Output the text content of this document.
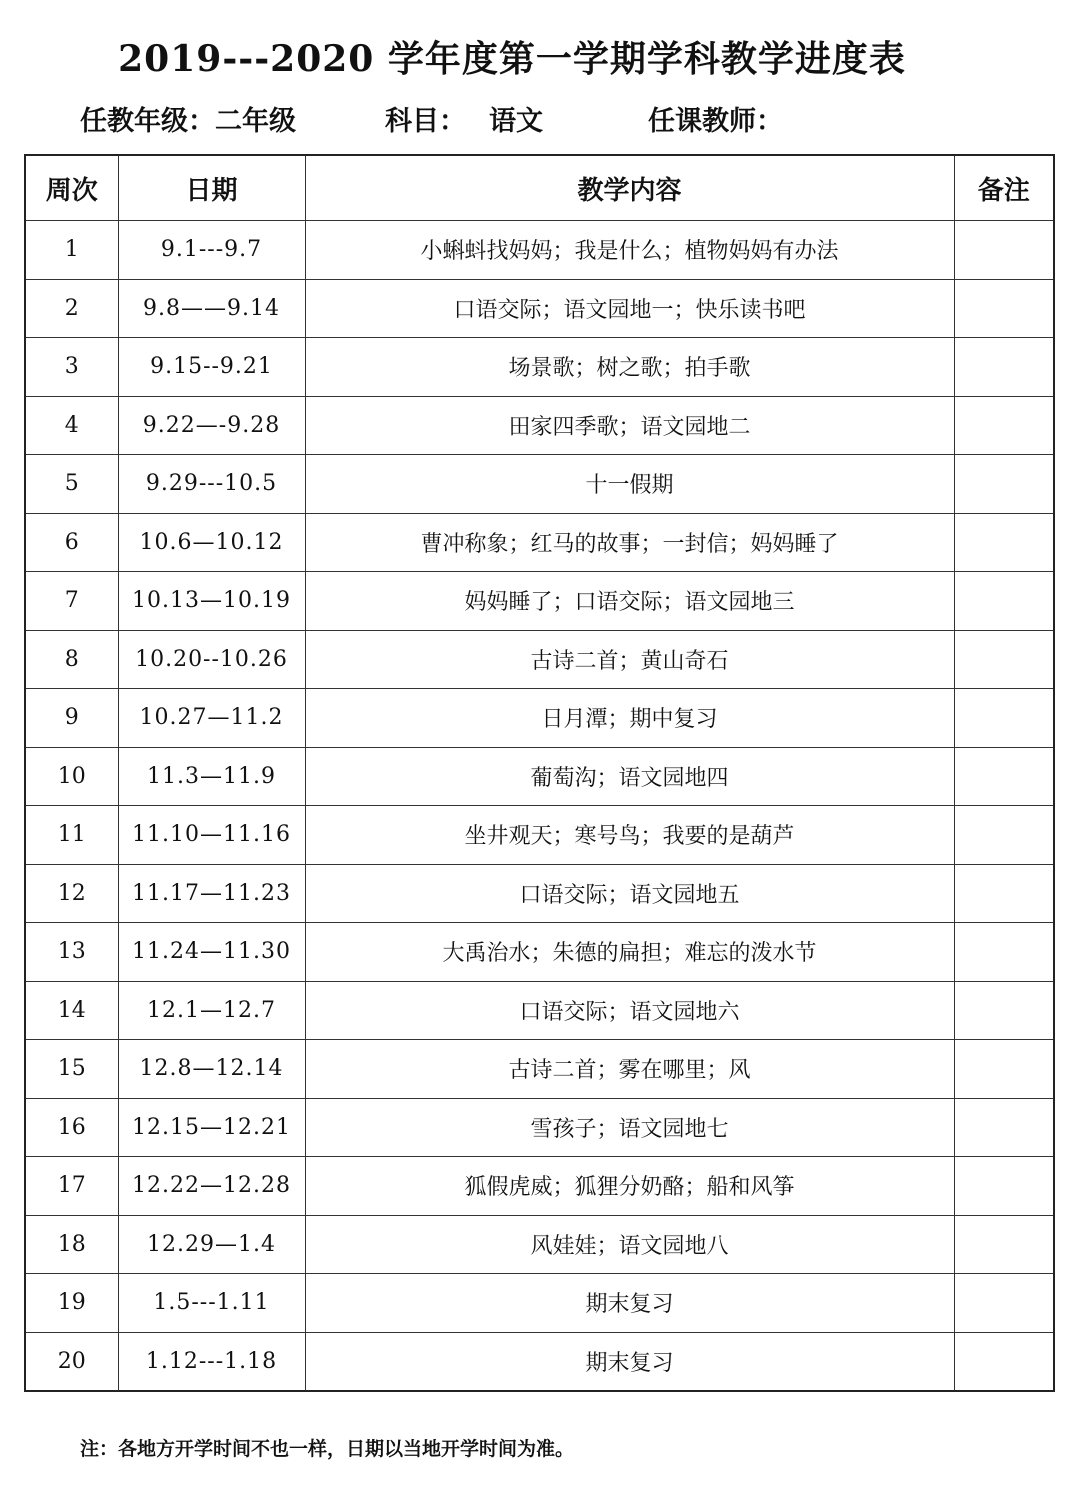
2019---2020 学年度第一学期学科教学进度表
任教年级：二年级	科目： 语文	任课教师：
周次	日期	教学内容	备注
1	9.1---9.7	小蝌蚪找妈妈；我是什么；植物妈妈有办法	
2	9.8——9.14	口语交际；语文园地一；快乐读书吧	
3	9.15--9.21	场景歌；树之歌；拍手歌	
4	9.22—-9.28	田家四季歌；语文园地二	
5	9.29---10.5	十一假期	
6	10.6—10.12	曹冲称象；红马的故事；一封信；妈妈睡了	
7	10.13—10.19	妈妈睡了；口语交际；语文园地三	
8	10.20--10.26	古诗二首；黄山奇石	
9	10.27—11.2	日月潭；期中复习	
10	11.3—11.9	葡萄沟；语文园地四	
11	11.10—11.16	坐井观天；寒号鸟；我要的是葫芦	
12	11.17—11.23	口语交际；语文园地五	
13	11.24—11.30	大禹治水；朱德的扁担；难忘的泼水节	
14	12.1—12.7	口语交际；语文园地六	
15	12.8—12.14	古诗二首；雾在哪里；风	
16	12.15—12.21	雪孩子；语文园地七	
17	12.22—12.28	狐假虎威；狐狸分奶酪；船和风筝	
18	12.29—1.4	风娃娃；语文园地八	
19	1.5---1.11	期末复习	
20	1.12---1.18	期末复习	
注：各地方开学时间不也一样，日期以当地开学时间为准。
